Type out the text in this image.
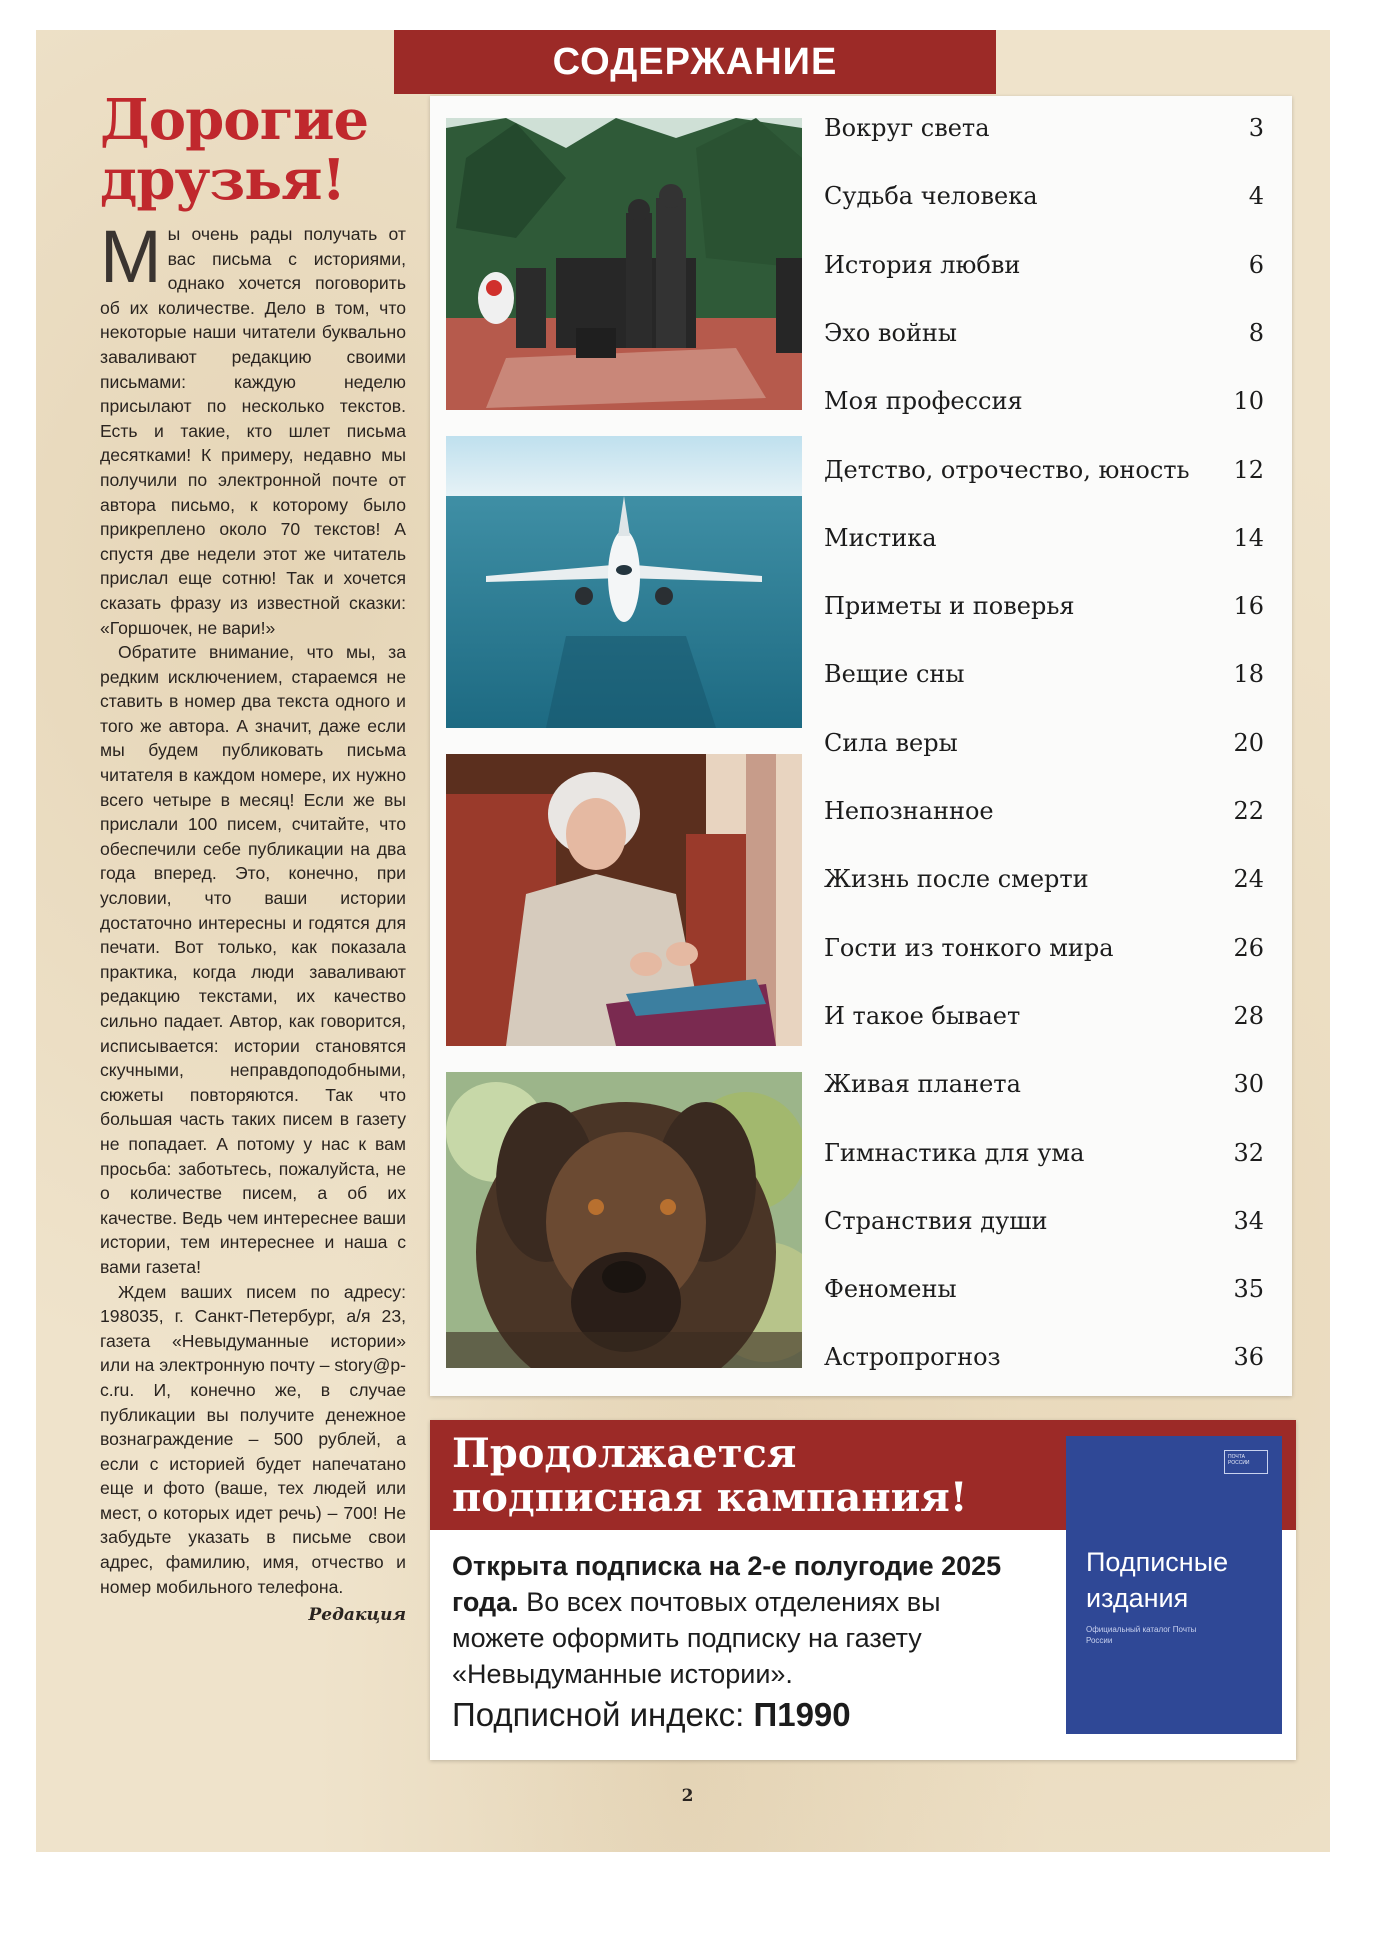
Дорогие
друзья!

Мы очень рады получать от вас письма с историями, однако хочется поговорить об их количестве. Дело в том, что некоторые наши читатели буквально заваливают редакцию своими письмами: каждую неделю присылают по несколько текстов. Есть и такие, кто шлет письма десятками! К примеру, недавно мы получили по электронной почте от автора письмо, к которому было прикреплено около 70 текстов! А спустя две недели этот же читатель прислал еще сотню! Так и хочется сказать фразу из известной сказки: «Горшочек, не вари!»

Обратите внимание, что мы, за редким исключением, стараемся не ставить в номер два текста одного и того же автора. А значит, даже если мы будем публиковать письма читателя в каждом номере, их нужно всего четыре в месяц! Если же вы прислали 100 писем, считайте, что обеспечили себе публикации на два года вперед. Это, конечно, при условии, что ваши истории достаточно интересны и годятся для печати. Вот только, как показала практика, когда люди заваливают редакцию текстами, их качество сильно падает. Автор, как говорится, исписывается: истории становятся скучными, неправдоподобными, сюжеты повторяются. Так что большая часть таких писем в газету не попадает. А потому у нас к вам просьба: заботьтесь, пожалуйста, не о количестве писем, а об их качестве. Ведь чем интереснее ваши истории, тем интереснее и наша с вами газета!

Ждем ваших писем по адресу: 198035, г. Санкт-Петербург, а/я 23, газета «Невыдуманные истории» или на электронную почту – story@p-c.ru. И, конечно же, в случае публикации вы получите денежное вознаграждение – 500 рублей, а если с историей будет напечатано еще и фото (ваше, тех людей или мест, о которых идет речь) – 700! Не забудьте указать в письме свои адрес, фамилию, имя, отчество и номер мобильного телефона.

Редакция
СОДЕРЖАНИЕ
Вокруг света	3
Судьба человека	4
История любви	6
Эхо войны	8
Моя профессия	10
Детство, отрочество, юность 12
Мистика	14
Приметы и поверья	16
Вещие сны	18
Сила веры	20
Непознанное	22
Жизнь после смерти	24
Гости из тонкого мира	26
И такое бывает	28
Живая планета	30
Гимнастика для ума	32
Странствия души	34
Феномены	35
Астропрогноз	36
Продолжается
подписная кампания!
Открыта подписка на 2-е полугодие 2025 года. Во всех почтовых отделениях вы можете оформить подписку на газету «Невыдуманные истории».
Подписной индекс: П1990
ПОЧТА РОССИИ
Подписные
издания
Официальный каталог Почты России
2
